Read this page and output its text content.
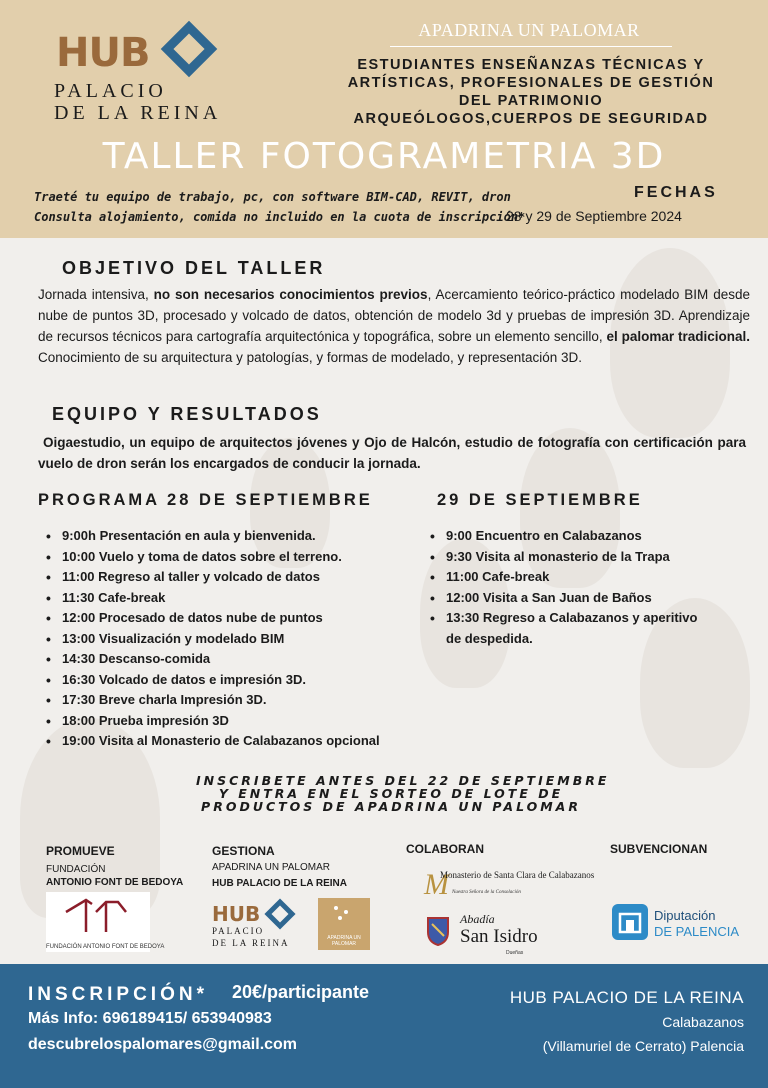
HUB
PALACIO
DE LA REINA
APADRINA UN PALOMAR
ESTUDIANTES ENSEÑANZAS TÉCNICAS Y
ARTÍSTICAS, PROFESIONALES DE GESTIÓN
DEL PATRIMONIO
ARQUEÓLOGOS,CUERPOS DE SEGURIDAD
TALLER FOTOGRAMETRIA 3D
Traeté tu equipo de trabajo, pc, con software BIM-CAD, REVIT, dron
Consulta alojamiento, comida no incluido en la cuota de inscripción*
FECHAS
28 y 29 de Septiembre 2024
OBJETIVO DEL TALLER
Jornada intensiva, no son necesarios conocimientos previos, Acercamiento teórico-práctico modelado BIM desde nube de puntos 3D, procesado y volcado de datos, obtención de modelo 3d y pruebas de impresión 3D. Aprendizaje de recursos técnicos para cartografía arquitectónica y topográfica, sobre un elemento sencillo, el palomar tradicional. Conocimiento de su arquitectura y patologías, y formas de modelado, y representación 3D.
EQUIPO Y RESULTADOS
Oigaestudio, un equipo de arquitectos jóvenes y Ojo de Halcón, estudio de fotografía con certificación para vuelo de dron serán los encargados de conducir la jornada.
PROGRAMA 28 DE SEPTIEMBRE	29 DE SEPTIEMBRE
• 9:00h Presentación en aula y bienvenida.
• 10:00 Vuelo y toma de datos sobre el terreno.
• 11:00 Regreso al taller y volcado de datos
• 11:30 Cafe-break
• 12:00 Procesado de datos nube de puntos
• 13:00 Visualización y modelado BIM
• 14:30 Descanso-comida
• 16:30 Volcado de datos e impresión 3D.
• 17:30 Breve charla Impresión 3D.
• 18:00 Prueba impresión 3D
• 19:00 Visita al Monasterio de Calabazanos opcional
• 9:00 Encuentro en Calabazanos
• 9:30 Visita al monasterio de la Trapa
• 11:00 Cafe-break
• 12:00 Visita a San Juan de Baños
• 13:30 Regreso a Calabazanos y aperitivo
de despedida.
INSCRIBETE ANTES DEL 22 DE SEPTIEMBRE
Y ENTRA EN EL SORTEO DE LOTE DE
PRODUCTOS DE APADRINA UN PALOMAR
PROMUEVE
FUNDACIÓN
ANTONIO FONT DE BEDOYA
FUNDACIÓN ANTONIO FONT DE BEDOYA
GESTIONA
APADRINA UN PALOMAR
HUB PALACIO DE LA REINA
HUB
PALACIO
DE LA REINA	APADRINA UN PALOMAR
COLABORAN
M
Monasterio de Santa Clara de Calabazanos
Nuestra Señora de la Consolación
Abadía
San Isidro
Dueñas
SUBVENCIONAN
Diputación
DE PALENCIA
INSCRIPCIÓN* 20€/participante
Más Info: 696189415/ 653940983
descubrelospalomares@gmail.com
HUB PALACIO DE LA REINA
Calabazanos
(Villamuriel de Cerrato) Palencia
